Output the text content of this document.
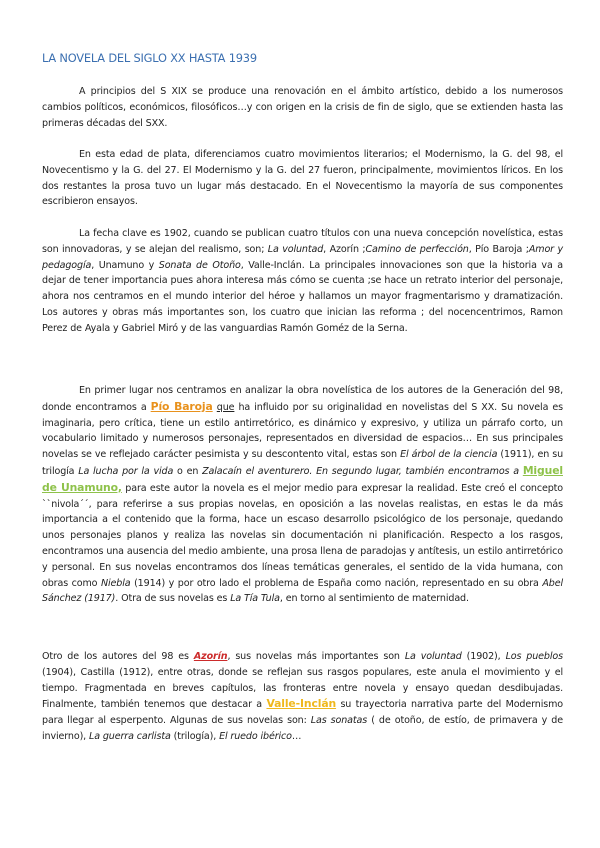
LA NOVELA DEL SIGLO XX HASTA 1939

A principios del S XIX se produce una renovación en el ámbito artístico, debido a los numerosos cambios políticos, económicos, filosóficos…y con origen en la crisis de fin de siglo, que se extienden hasta las primeras décadas del SXX.

En esta edad de plata, diferenciamos cuatro movimientos literarios; el Modernismo, la G. del 98, el Novecentismo y la G. del 27. El Modernismo y la G. del 27 fueron, principalmente, movimientos líricos. En los dos restantes la prosa tuvo un lugar más destacado. En el Novecentismo la mayoría de sus componentes escribieron ensayos.

La fecha clave es 1902, cuando se publican cuatro títulos con una nueva concepción novelística, estas son innovadoras, y se alejan del realismo, son; La voluntad, Azorín ;Camino de perfección, Pío Baroja ;Amor y pedagogía, Unamuno y Sonata de Otoño, Valle-Inclán. La principales innovaciones son que la historia va a dejar de tener importancia pues ahora interesa más cómo se cuenta ;se hace un retrato interior del personaje, ahora nos centramos en el mundo interior del héroe y hallamos un mayor fragmentarismo y dramatización. Los autores y obras más importantes son, los cuatro que inician las reforma ; del nocencentrimos, Ramon Perez de Ayala y Gabriel Miró y de las vanguardias Ramón Goméz de la Serna.

En primer lugar nos centramos en analizar la obra novelística de los autores de la Generación del 98, donde encontramos a Pío Baroja que ha influido por su originalidad en novelistas del S XX. Su novela es imaginaria, pero crítica, tiene un estilo antirretórico, es dinámico y expresivo, y utiliza un párrafo corto, un vocabulario limitado y numerosos personajes, representados en diversidad de espacios… En sus principales novelas se ve reflejado carácter pesimista y su descontento vital, estas son El árbol de la ciencia (1911), en su trilogía La lucha por la vida o en Zalacaín el aventurero. En segundo lugar, también encontramos a Miguel de Unamuno, para este autor la novela es el mejor medio para expresar la realidad. Este creó el concepto ``nivola´´, para referirse a sus propias novelas, en oposición a las novelas realistas, en estas le da más importancia a el contenido que la forma, hace un escaso desarrollo psicológico de los personaje, quedando unos personajes planos y realiza las novelas sin documentación ni planificación. Respecto a los rasgos, encontramos una ausencia del medio ambiente, una prosa llena de paradojas y antítesis, un estilo antirretórico y personal. En sus novelas encontramos dos líneas temáticas generales, el sentido de la vida humana, con obras como Niebla (1914) y por otro lado el problema de España como nación, representado en su obra Abel Sánchez (1917). Otra de sus novelas es La Tía Tula, en torno al sentimiento de maternidad.

Otro de los autores del 98 es Azorín, sus novelas más importantes son La voluntad (1902), Los pueblos (1904), Castilla (1912), entre otras, donde se reflejan sus rasgos populares, este anula el movimiento y el tiempo. Fragmentada en breves capítulos, las fronteras entre novela y ensayo quedan desdibujadas. Finalmente, también tenemos que destacar a Valle-Inclán su trayectoria narrativa parte del Modernismo para llegar al esperpento. Algunas de sus novelas son: Las sonatas ( de otoño, de estío, de primavera y de invierno), La guerra carlista (trilogía), El ruedo ibérico…
